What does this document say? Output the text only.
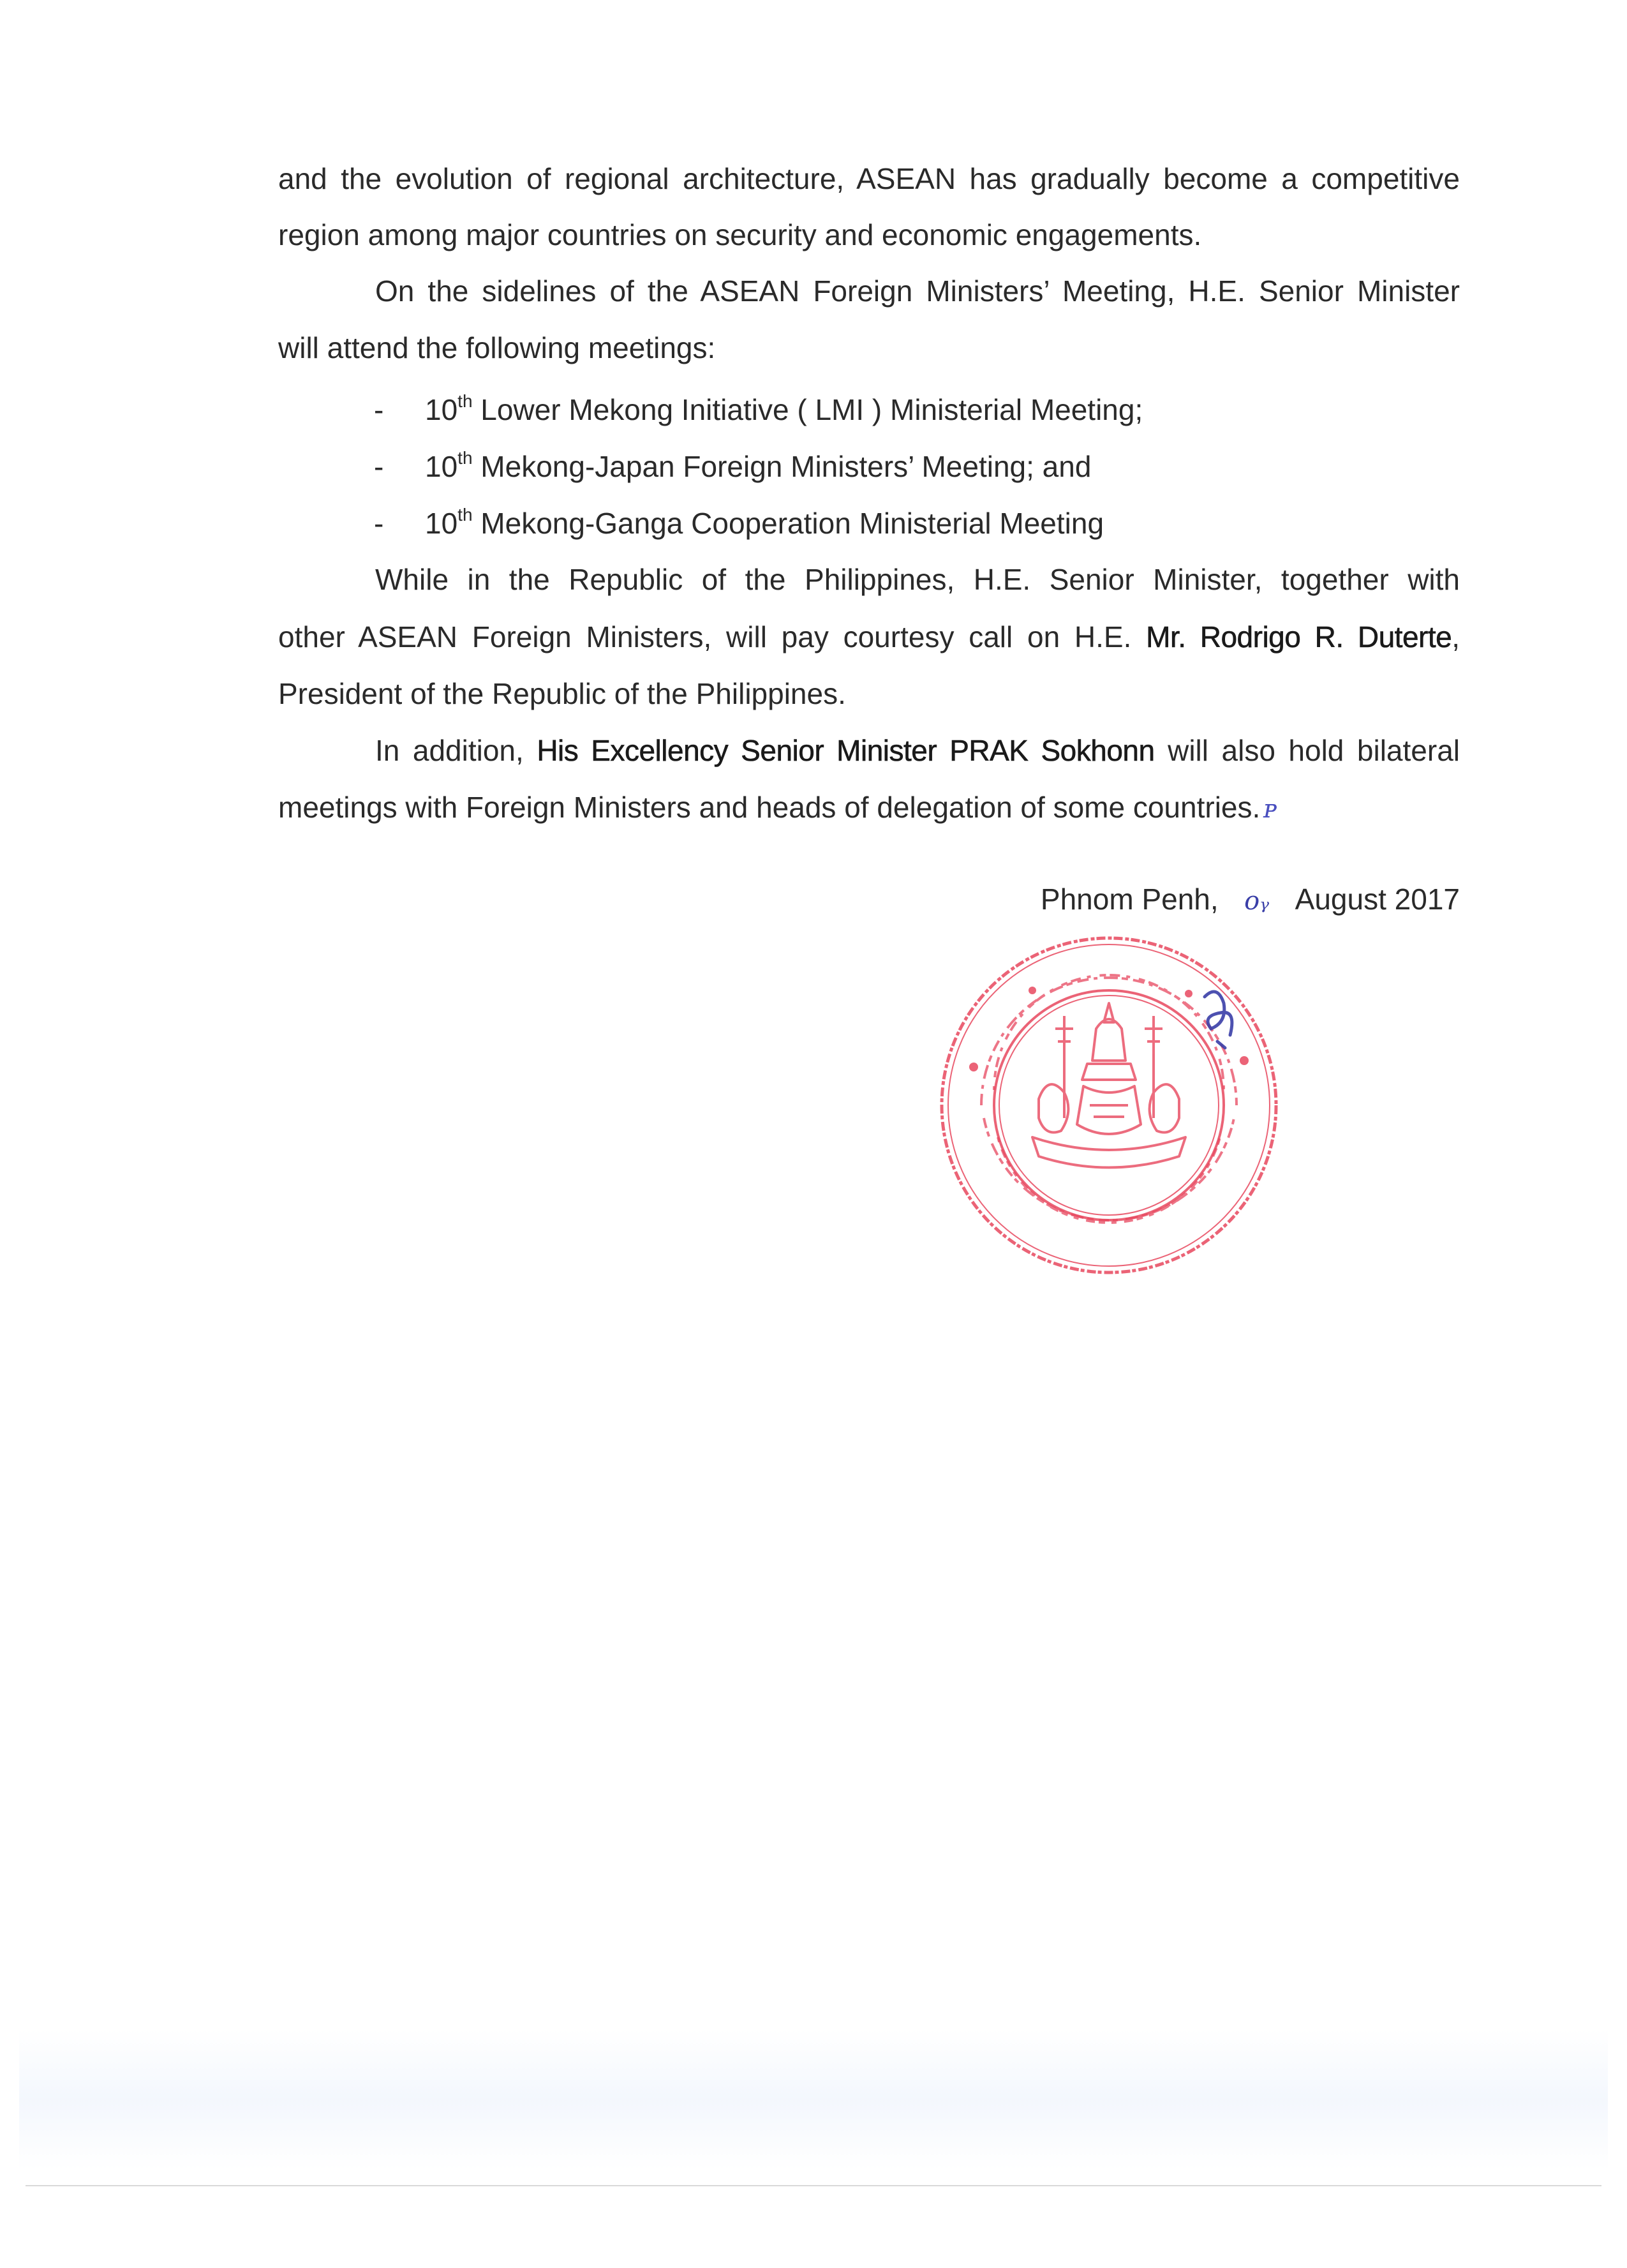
and the evolution of regional architecture, ASEAN has gradually become a competitive
region among major countries on security and economic engagements.
On the sidelines of the ASEAN Foreign Ministers’ Meeting, H.E. Senior Minister
will attend the following meetings:
- 10th Lower Mekong Initiative ( LMI ) Ministerial Meeting;
- 10th Mekong-Japan Foreign Ministers’ Meeting; and
- 10th Mekong-Ganga Cooperation Ministerial Meeting
While in the Republic of the Philippines, H.E. Senior Minister, together with
other ASEAN Foreign Ministers, will pay courtesy call on H.E. Mr. Rodrigo R. Duterte,
President of the Republic of the Philippines.
In addition, His Excellency Senior Minister PRAK Sokhonn will also hold bilateral
meetings with Foreign Ministers and heads of delegation of some countries. ᴘ
Phnom Penh, oᵧ August 2017
